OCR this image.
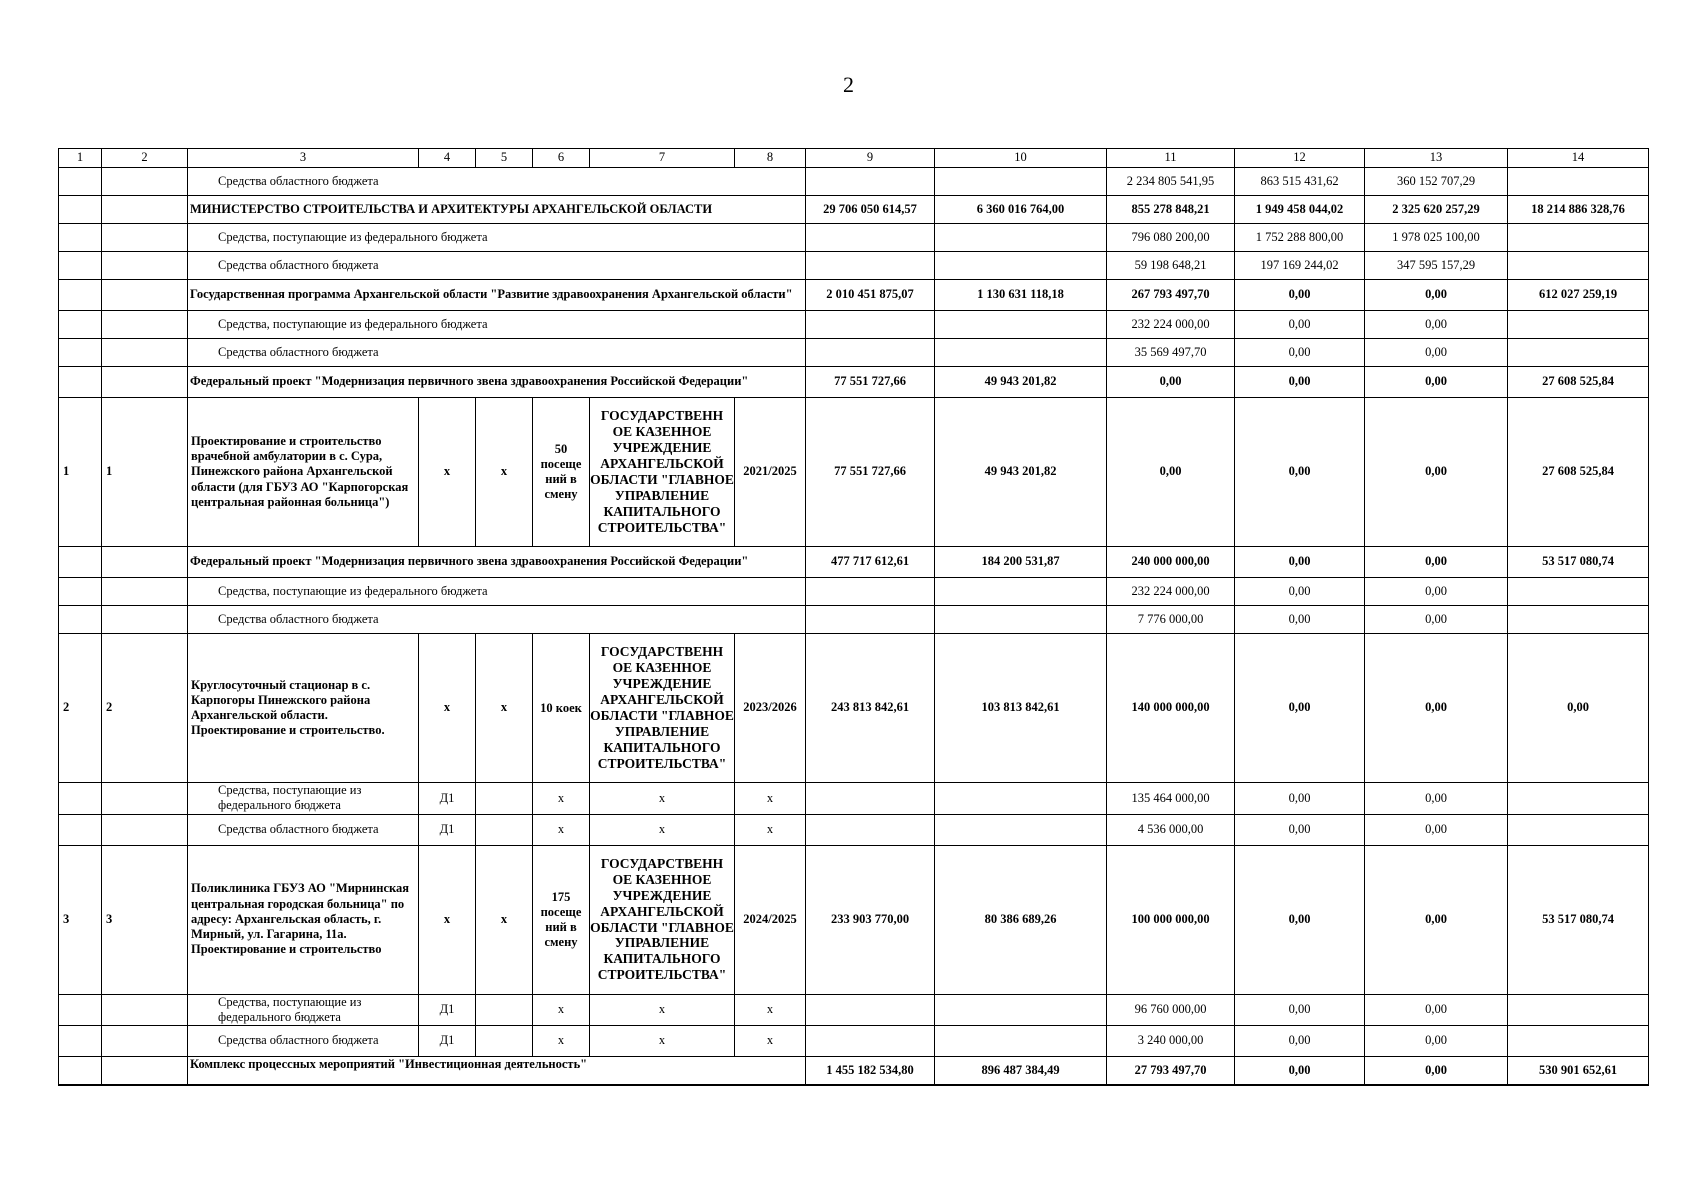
2
1	2	3	4	5	6	7	8	9	10	11	12	13	14
		Средства областного бюджета								2 234 805 541,95	863 515 431,62	360 152 707,29	
		МИНИСТЕРСТВО СТРОИТЕЛЬСТВА И АРХИТЕКТУРЫ АРХАНГЕЛЬСКОЙ ОБЛАСТИ						29 706 050 614,57	6 360 016 764,00	855 278 848,21	1 949 458 044,02	2 325 620 257,29	18 214 886 328,76
		Средства, поступающие из федерального бюджета								796 080 200,00	1 752 288 800,00	1 978 025 100,00	
		Средства областного бюджета								59 198 648,21	197 169 244,02	347 595 157,29	
		Государственная программа Архангельской области "Развитие здравоохранения Архангельской области"						2 010 451 875,07	1 130 631 118,18	267 793 497,70	0,00	0,00	612 027 259,19
		Средства, поступающие из федерального бюджета								232 224 000,00	0,00	0,00	
		Средства областного бюджета								35 569 497,70	0,00	0,00	
		Федеральный проект "Модернизация первичного звена здравоохранения Российской Федерации"						77 551 727,66	49 943 201,82	0,00	0,00	0,00	27 608 525,84
1	1	Проектирование и строительство врачебной амбулатории в с. Сура, Пинежского района Архангельской области (для ГБУЗ АО "Карпогорская центральная районная больница")	x	x	50 посеще ний в смену	ГОСУДАРСТВЕНН ОЕ КАЗЕННОЕ УЧРЕЖДЕНИЕ АРХАНГЕЛЬСКОЙ ОБЛАСТИ "ГЛАВНОЕ УПРАВЛЕНИЕ КАПИТАЛЬНОГО СТРОИТЕЛЬСТВА"	2021/2025	77 551 727,66	49 943 201,82	0,00	0,00	0,00	27 608 525,84
		Федеральный проект "Модернизация первичного звена здравоохранения Российской Федерации"						477 717 612,61	184 200 531,87	240 000 000,00	0,00	0,00	53 517 080,74
		Средства, поступающие из федерального бюджета								232 224 000,00	0,00	0,00	
		Средства областного бюджета								7 776 000,00	0,00	0,00	
2	2	Круглосуточный стационар в с. Карпогоры Пинежского района Архангельской области. Проектирование и строительство.	x	x	10 коек	ГОСУДАРСТВЕНН ОЕ КАЗЕННОЕ УЧРЕЖДЕНИЕ АРХАНГЕЛЬСКОЙ ОБЛАСТИ "ГЛАВНОЕ УПРАВЛЕНИЕ КАПИТАЛЬНОГО СТРОИТЕЛЬСТВА"	2023/2026	243 813 842,61	103 813 842,61	140 000 000,00	0,00	0,00	0,00
		Средства, поступающие из федерального бюджета	Д1		x	x	x			135 464 000,00	0,00	0,00	
		Средства областного бюджета	Д1		x	x	x			4 536 000,00	0,00	0,00	
3	3	Поликлиника ГБУЗ АО "Мирнинская центральная городская больница" по адресу: Архангельская область, г. Мирный, ул. Гагарина, 11а. Проектирование и строительство	x	x	175 посеще ний в смену	ГОСУДАРСТВЕНН ОЕ КАЗЕННОЕ УЧРЕЖДЕНИЕ АРХАНГЕЛЬСКОЙ ОБЛАСТИ "ГЛАВНОЕ УПРАВЛЕНИЕ КАПИТАЛЬНОГО СТРОИТЕЛЬСТВА"	2024/2025	233 903 770,00	80 386 689,26	100 000 000,00	0,00	0,00	53 517 080,74
		Средства, поступающие из федерального бюджета	Д1		x	x	x			96 760 000,00	0,00	0,00	
		Средства областного бюджета	Д1		x	x	x			3 240 000,00	0,00	0,00	
		Комплекс процессных мероприятий "Инвестиционная деятельность"						1 455 182 534,80	896 487 384,49	27 793 497,70	0,00	0,00	530 901 652,61
